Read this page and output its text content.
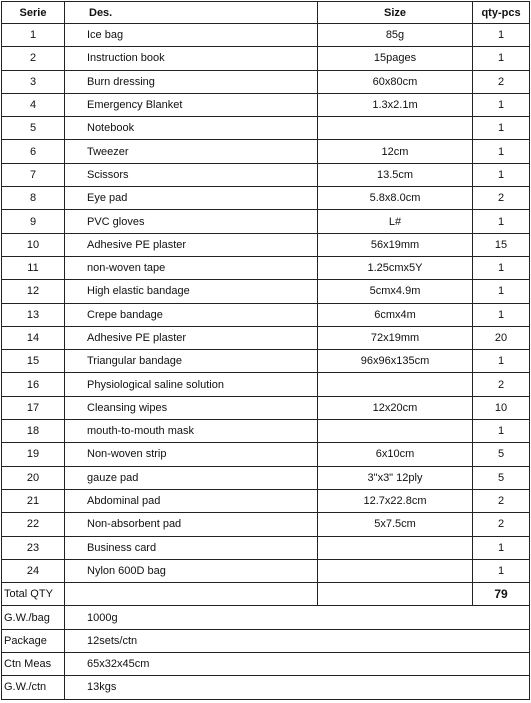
Serie	Des.	Size	qty-pcs
1	Ice bag	85g	1
2	Instruction book	15pages	1
3	Burn dressing	60x80cm	2
4	Emergency Blanket	1.3x2.1m	1
5	Notebook		1
6	Tweezer	12cm	1
7	Scissors	13.5cm	1
8	Eye pad	5.8x8.0cm	2
9	PVC gloves	L#	1
10	Adhesive PE plaster	56x19mm	15
11	non-woven tape	1.25cmx5Y	1
12	High elastic bandage	5cmx4.9m	1
13	Crepe bandage	6cmx4m	1
14	Adhesive PE plaster	72x19mm	20
15	Triangular bandage	96x96x135cm	1
16	Physiological saline solution		2
17	Cleansing wipes	12x20cm	10
18	mouth-to-mouth mask		1
19	Non-woven strip	6x10cm	5
20	gauze pad	3"x3" 12ply	5
21	Abdominal pad	12.7x22.8cm	2
22	Non-absorbent pad	5x7.5cm	2
23	Business card		1
24	Nylon 600D bag		1
Total QTY			79
G.W./bag	1000g		
Package	12sets/ctn		
Ctn Meas	65x32x45cm		
G.W./ctn	13kgs		
